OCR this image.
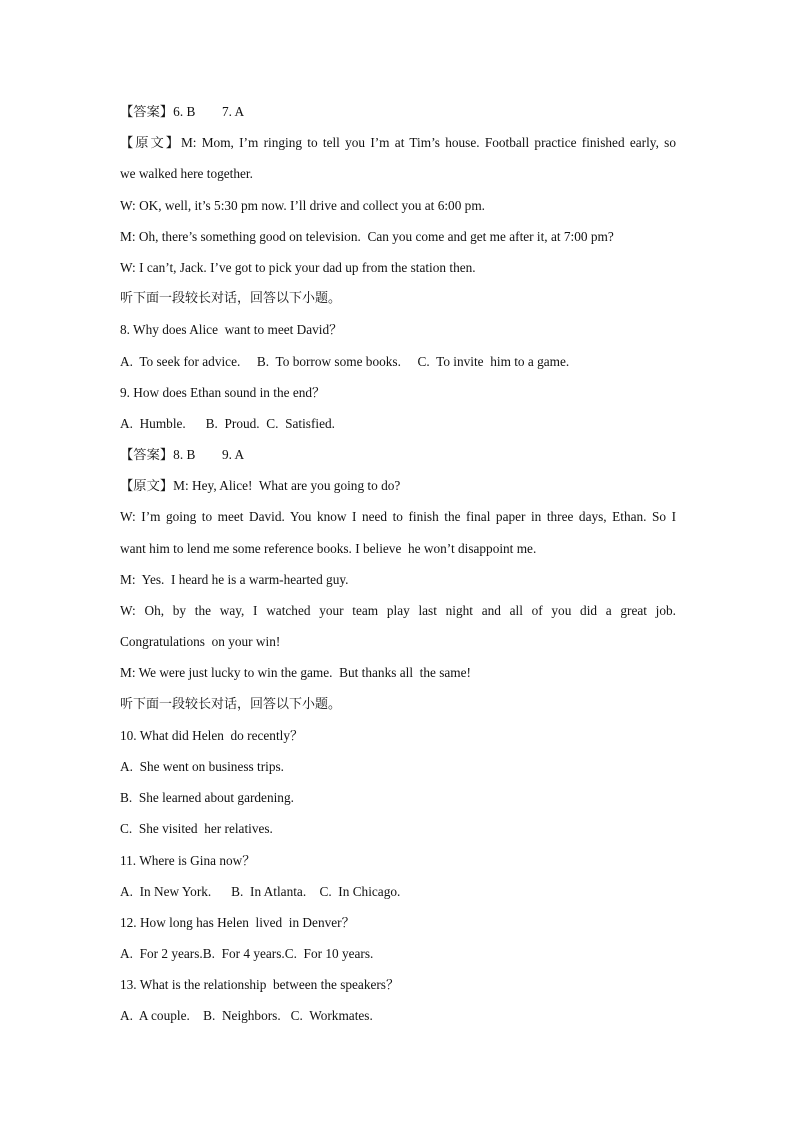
【答案】6. B        7. A
【原文】M: Mom, I’m ringing to tell you I’m at Tim’s house. Football practice finished early, so
we walked here together.
W: OK, well, it’s 5:30 pm now. I’ll drive and collect you at 6:00 pm.
M: Oh, there’s something good on television.  Can you come and get me after it, at 7:00 pm?
W: I can’t, Jack. I’ve got to pick your dad up from the station then.
听下面一段较长对话，回答以下小题。
8. Why does Alice  want to meet David？
A.  To seek for advice.     B.  To borrow some books.     C.  To invite  him to a game.
9. How does Ethan sound in the end？
A.  Humble.      B.  Proud.  C.  Satisfied.
【答案】8. B        9. A
【原文】M: Hey, Alice!  What are you going to do?
W: I’m going to meet David. You know I need to finish the final paper in three days, Ethan. So I
want him to lend me some reference books. I believe  he won’t disappoint me.
M:  Yes.  I heard he is a warm-hearted guy.
W: Oh, by the way, I watched your team play last night and all of you did a great job.
Congratulations  on your win!
M: We were just lucky to win the game.  But thanks all  the same!
听下面一段较长对话，回答以下小题。
10. What did Helen  do recently？
A.  She went on business trips.
B.  She learned about gardening.
C.  She visited  her relatives.
11. Where is Gina now？
A.  In New York.      B.  In Atlanta.    C.  In Chicago.
12. How long has Helen  lived  in Denver？
A.  For 2 years.B.  For 4 years.C.  For 10 years.
13. What is the relationship  between the speakers？
A.  A couple.    B.  Neighbors.   C.  Workmates.
